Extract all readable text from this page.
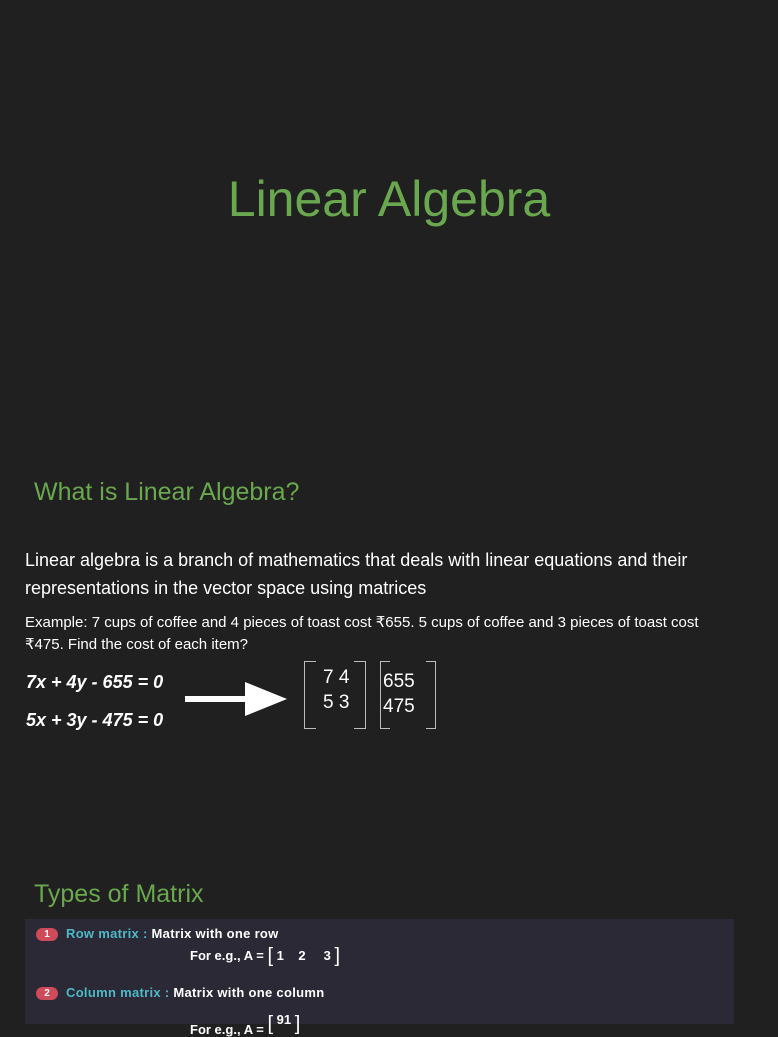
Linear Algebra
What is Linear Algebra?
Linear algebra is a branch of mathematics that deals with linear equations and their representations in the vector space using matrices
Example: 7 cups of coffee and 4 pieces of toast cost ₹655. 5 cups of coffee and 3 pieces of toast cost ₹475. Find the cost of each item?
7x + 4y - 655 = 0
5x + 3y - 475 = 0
7 4
5 3
655
475
Types of Matrix
1	Row matrix : Matrix with one row
For e.g., A = [ 1 2 3 ]
2	Column matrix : Matrix with one column
For e.g., A = [ 91 ]
